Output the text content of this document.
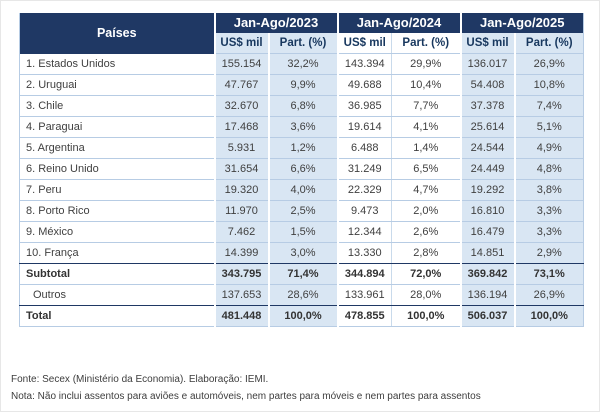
Países	Jan-Ago/2023		Jan-Ago/2024		Jan-Ago/2025	
	US$ mil	Part. (%)	US$ mil	Part. (%)	US$ mil	Part. (%)
1. Estados Unidos	155.154	32,2%	143.394	29,9%	136.017	26,9%
2. Uruguai	47.767	9,9%	49.688	10,4%	54.408	10,8%
3. Chile	32.670	6,8%	36.985	7,7%	37.378	7,4%
4. Paraguai	17.468	3,6%	19.614	4,1%	25.614	5,1%
5. Argentina	5.931	1,2%	6.488	1,4%	24.544	4,9%
6. Reino Unido	31.654	6,6%	31.249	6,5%	24.449	4,8%
7. Peru	19.320	4,0%	22.329	4,7%	19.292	3,8%
8. Porto Rico	11.970	2,5%	9.473	2,0%	16.810	3,3%
9. México	7.462	1,5%	12.344	2,6%	16.479	3,3%
10. França	14.399	3,0%	13.330	2,8%	14.851	2,9%
Subtotal	343.795	71,4%	344.894	72,0%	369.842	73,1%
Outros	137.653	28,6%	133.961	28,0%	136.194	26,9%
Total	481.448	100,0%	478.855	100,0%	506.037	100,0%
Fonte: Secex (Ministério da Economia). Elaboração: IEMI.
Nota: Não inclui assentos para aviões e automóveis, nem partes para móveis e nem partes para assentos
